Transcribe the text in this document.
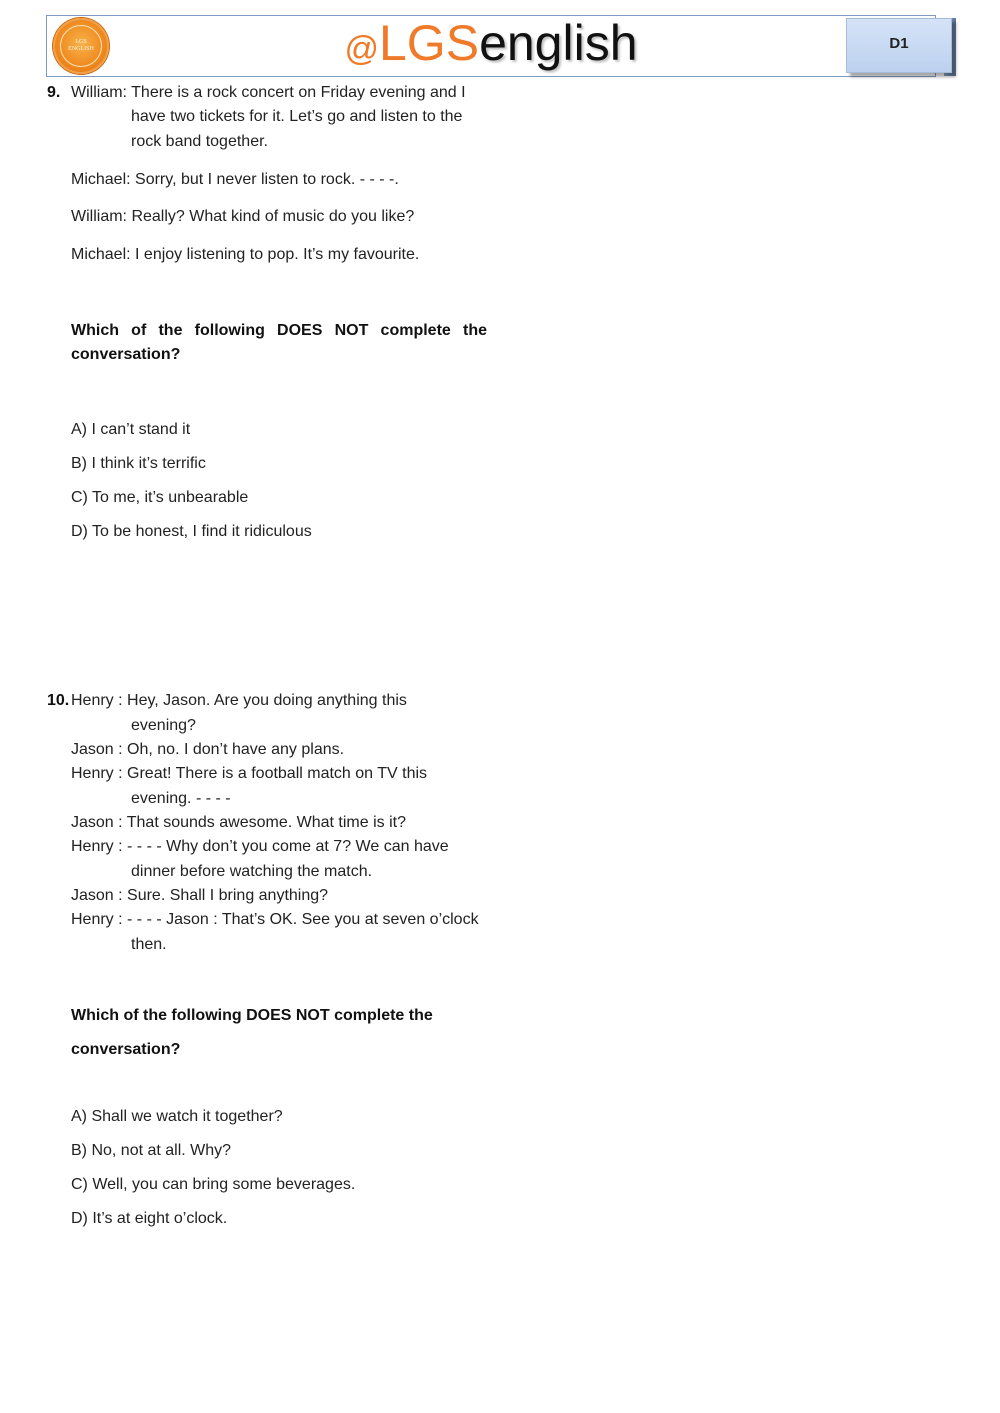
LGS
ENGLISH	@LGSenglish	D1
9. William: There is a rock concert on Friday evening and I
have two tickets for it. Let’s go and listen to the
rock band together.
Michael: Sorry, but I never listen to rock. - - - -.
William: Really? What kind of music do you like?
Michael: I enjoy listening to pop. It’s my favourite.
Which of the following DOES NOT complete the conversation?
A) I can’t stand it
B) I think it’s terrific
C) To me, it’s unbearable
D) To be honest, I find it ridiculous
10. Henry : Hey, Jason. Are you doing anything this
evening?
Jason : Oh, no. I don’t have any plans.
Henry : Great! There is a football match on TV this
evening. - - - -
Jason : That sounds awesome. What time is it?
Henry : - - - - Why don’t you come at 7? We can have
dinner before watching the match.
Jason : Sure. Shall I bring anything?
Henry : - - - - Jason : That’s OK. See you at seven o’clock
then.
Which of the following DOES NOT complete the
conversation?
A) Shall we watch it together?
B) No, not at all. Why?
C) Well, you can bring some beverages.
D) It’s at eight o’clock.
